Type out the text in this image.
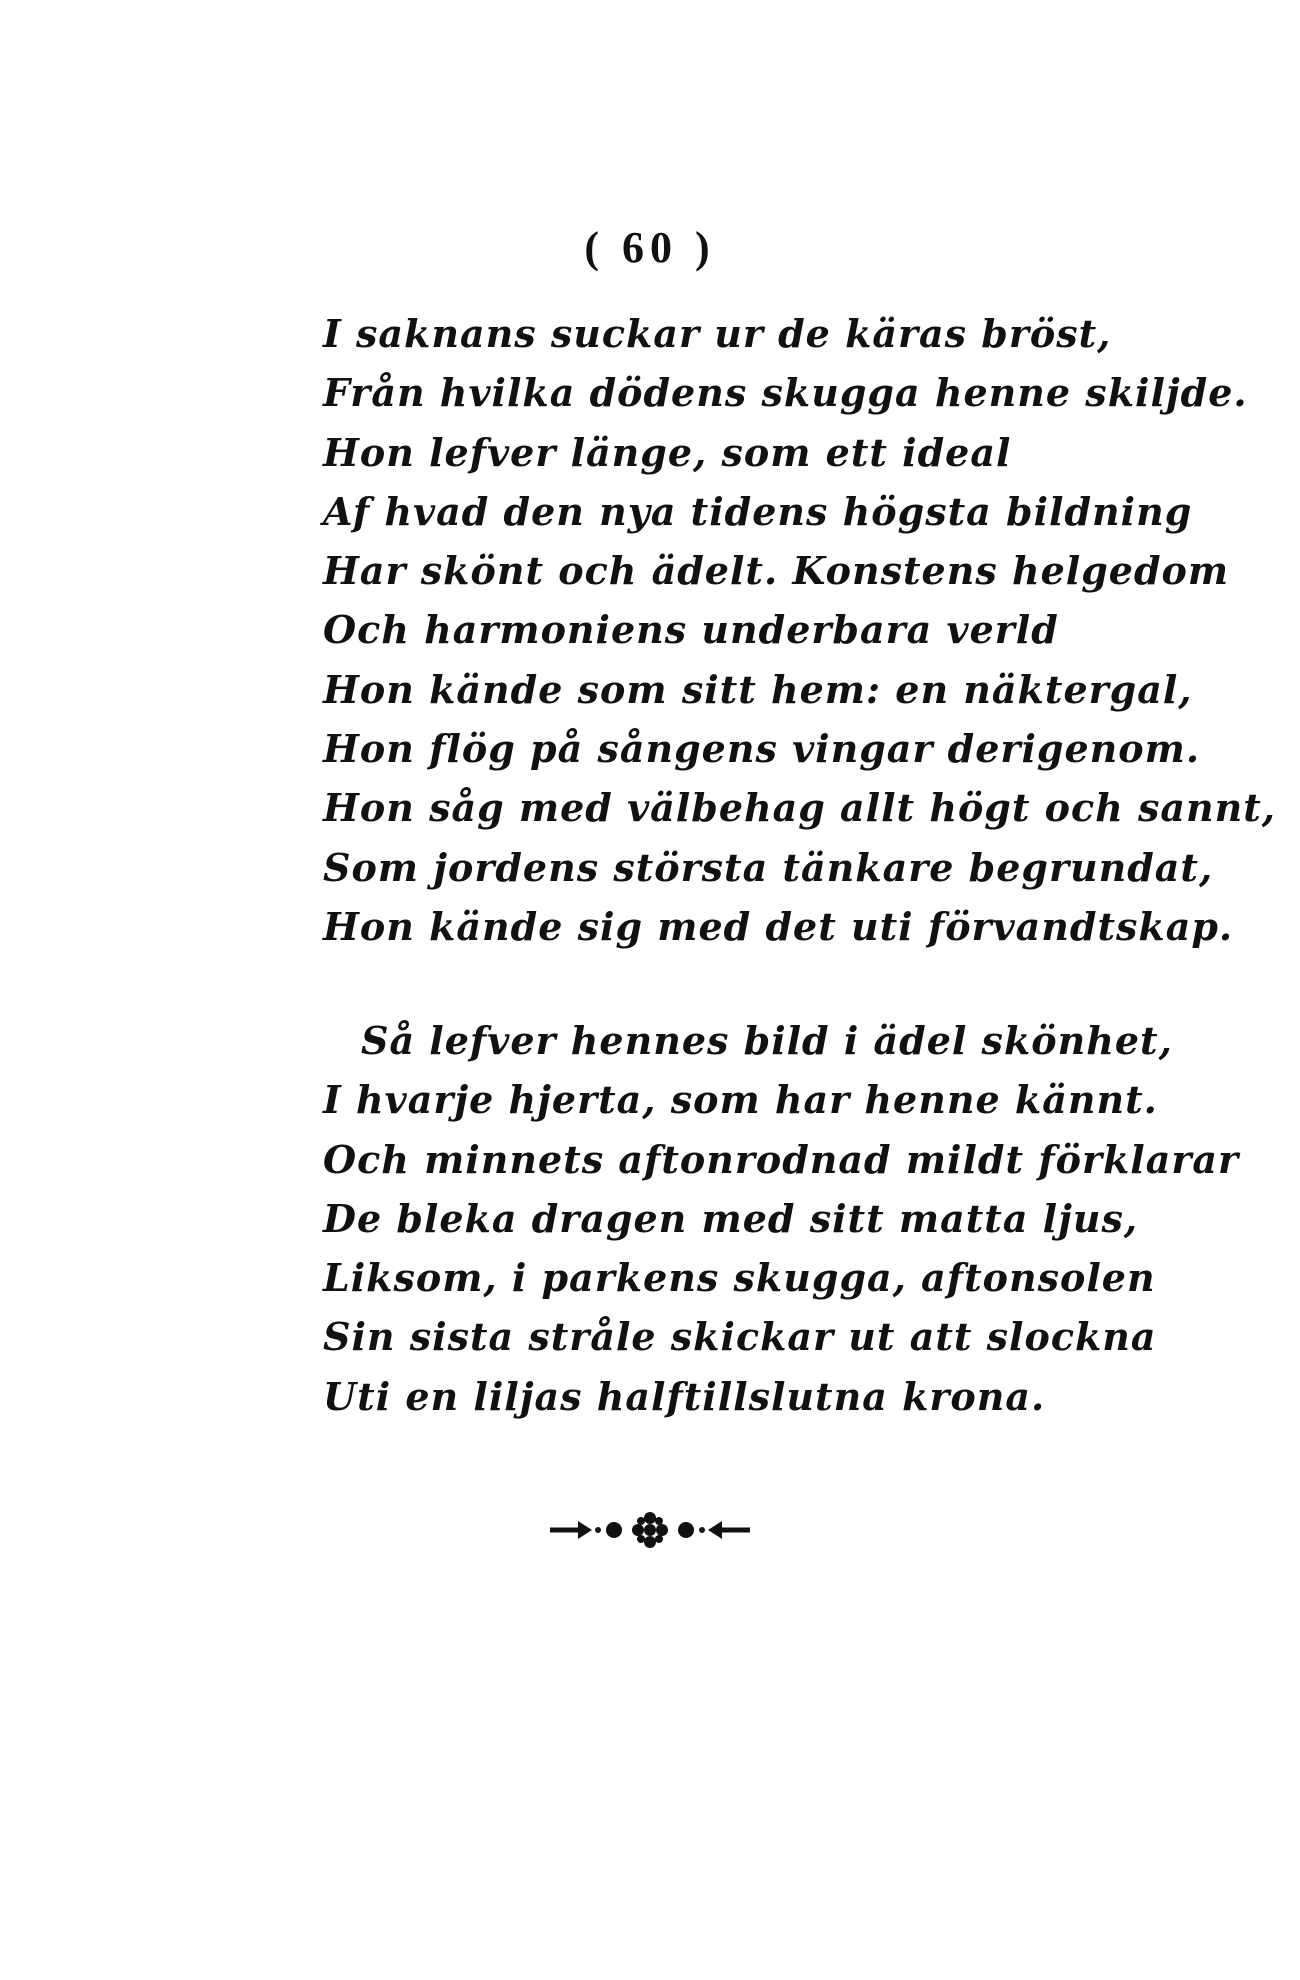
( 60 )
I saknans suckar ur de käras bröst,
Från hvilka dödens skugga henne skiljde.
Hon lefver länge, som ett ideal
Af hvad den nya tidens högsta bildning
Har skönt och ädelt. Konstens helgedom
Och harmoniens underbara verld
Hon kände som sitt hem: en näktergal,
Hon flög på sångens vingar derigenom.
Hon såg med välbehag allt högt och sannt,
Som jordens största tänkare begrundat,
Hon kände sig med det uti förvandtskap.
Så lefver hennes bild i ädel skönhet,
I hvarje hjerta, som har henne kännt.
Och minnets aftonrodnad mildt förklarar
De bleka dragen med sitt matta ljus,
Liksom, i parkens skugga, aftonsolen
Sin sista stråle skickar ut att slockna
Uti en liljas halftillslutna krona.
